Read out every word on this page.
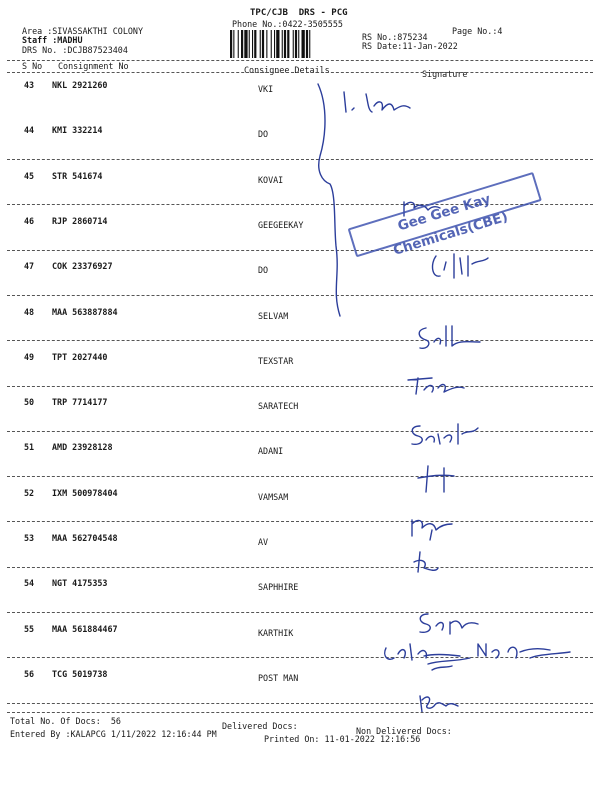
TPC/CJB  DRS - PCG
Phone No.:0422-3505555
Area :SIVASSAKTHI COLONY
Staff :MADHU
DRS No. :DCJB87523404
Page No.:4
RS No.:875234
RS Date:11-Jan-2022
S No Consignment No	Consignee Details	Signature
43 NKL 2921260	VKI
44 KMI 332214	DO
45 STR 541674	KOVAI
46 RJP 2860714	GEEGEEKAY
47 COK 23376927	DO
48 MAA 563887884	SELVAM
49 TPT 2027440	TEXSTAR
50 TRP 7714177	SARATECH
51 AMD 23928128	ADANI
52 IXM 500978404	VAMSAM
53 MAA 562704548	AV
54 NGT 4175353	SAPHHIRE
55 MAA 561884467	KARTHIK
56 TCG 5019738	POST MAN
Gee Gee Kay Chemicals(CBE)
Total No. Of Docs:  56	Delivered Docs:	Non Delivered Docs:
Entered By :KALAPCG 1/11/2022 12:16:44 PM	Printed On: 11-01-2022 12:16:56
